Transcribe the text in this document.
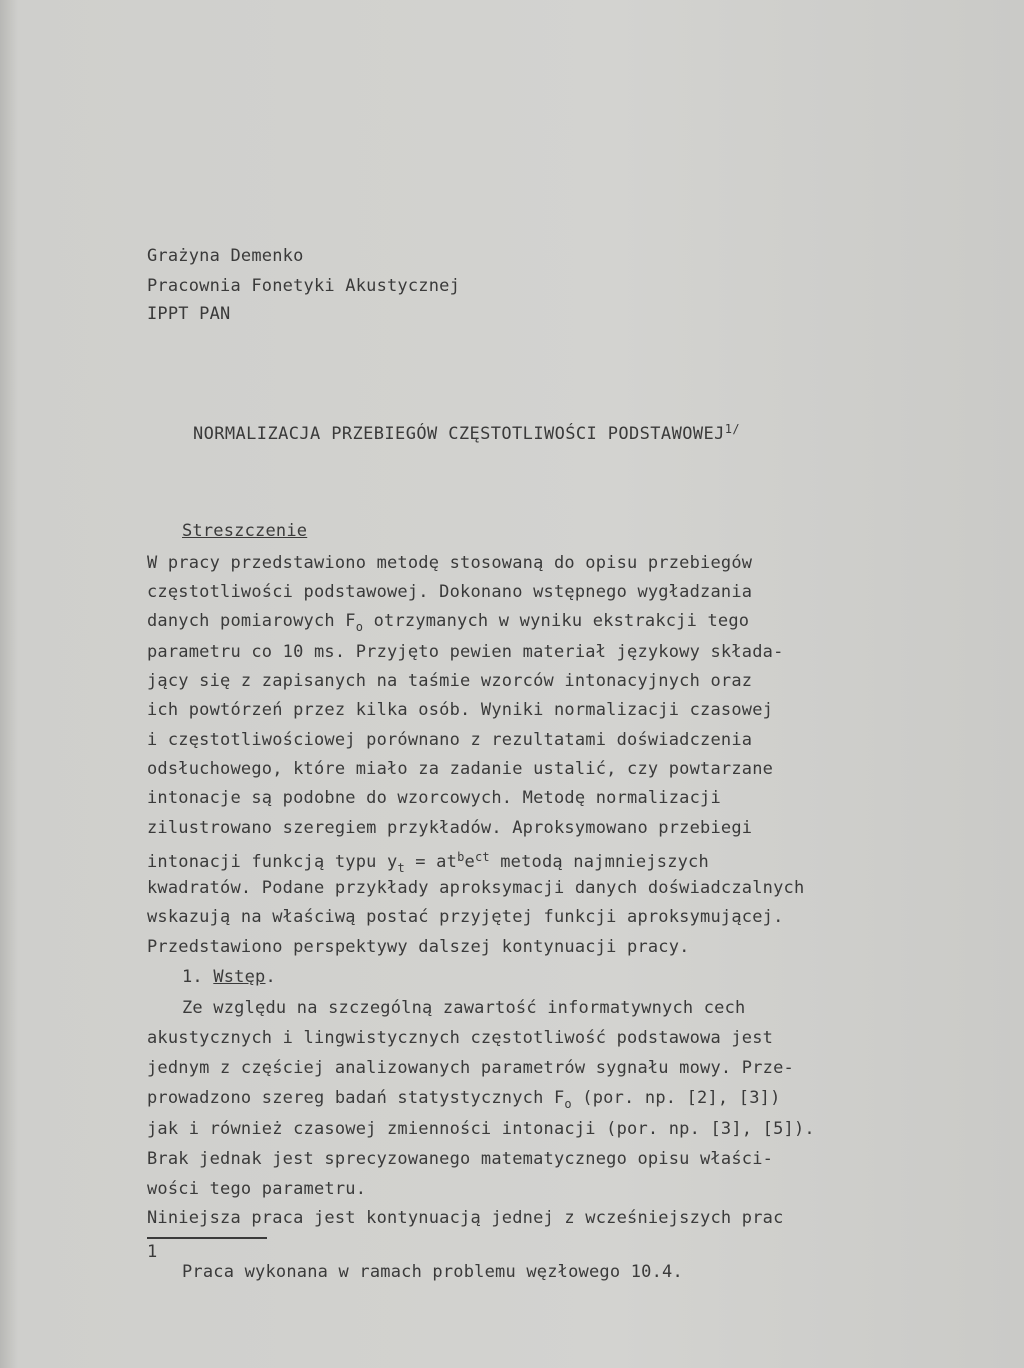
Grażyna Demenko
Pracownia Fonetyki Akustycznej
IPPT PAN
NORMALIZACJA PRZEBIEGÓW CZĘSTOTLIWOŚCI $PODSTAWOWEJ^{1/}$
Streszczenie
W pracy przedstawiono metodę stosowaną do opisu przebiegów
częstotliwości podstawowej. Dokonano wstępnego wygładzania
danych pomiarowych $F_o$ otrzymanych w wyniku ekstrakcji tego
parametru co 10 ms. Przyjęto pewien materiał językowy składa-
jący się z zapisanych na taśmie wzorców intonacyjnych oraz
ich powtórzeń przez kilka osób. Wyniki normalizacji czasowej
i częstotliwościowej porównano z rezultatami doświadczenia
odsłuchowego, które miało za zadanie ustalić, czy powtarzane
intonacje są podobne do wzorcowych. Metodę normalizacji
zilustrowano szeregiem przykładów. Aproksymowano przebiegi
intonacji funkcją typu $y_t = at^be^{ct}$ metodą najmniejszych
kwadratów. Podane przykłady aproksymacji danych doświadczalnych
wskazują na właściwą postać przyjętej funkcji aproksymującej.
Przedstawiono perspektywy dalszej kontynuacji pracy.
1. Wstęp.
Ze względu na szczególną zawartość informatywnych cech
akustycznych i lingwistycznych częstotliwość podstawowa jest
jednym z częściej analizowanych parametrów sygnału mowy. Prze-
prowadzono szereg badań statystycznych $F_o$ (por. np. [2], [3])
jak i również czasowej zmienności intonacji (por. np. [3], [5]).
Brak jednak jest sprecyzowanego matematycznego opisu właści-
wości tego parametru.
Niniejsza praca jest kontynuacją jednej z wcześniejszych prac
1
Praca wykonana w ramach problemu węzłowego 10.4.
